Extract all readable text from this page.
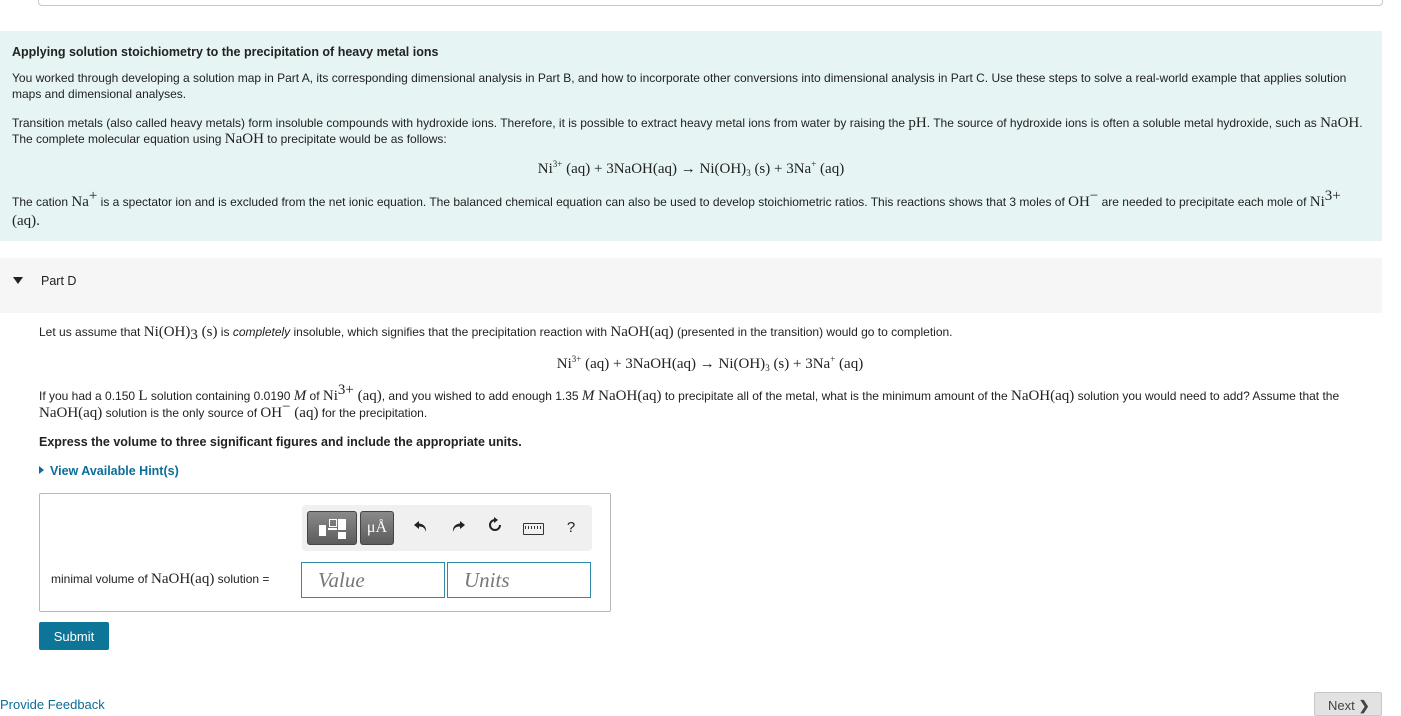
Applying solution stoichiometry to the precipitation of heavy metal ions
You worked through developing a solution map in Part A, its corresponding dimensional analysis in Part B, and how to incorporate other conversions into dimensional analysis in Part C. Use these steps to solve a real-world example that applies solution maps and dimensional analyses.
Transition metals (also called heavy metals) form insoluble compounds with hydroxide ions. Therefore, it is possible to extract heavy metal ions from water by raising the pH. The source of hydroxide ions is often a soluble metal hydroxide, such as NaOH. The complete molecular equation using NaOH to precipitate would be as follows:
$Ni^{3+}$ (aq) + 3NaOH(aq) → $Ni(OH)_3$ (s) + 3Na+ (aq)
The cation Na+ is a spectator ion and is excluded from the net ionic equation. The balanced chemical equation can also be used to develop stoichiometric ratios. This reactions shows that 3 moles of OH− are needed to precipitate each mole of $Ni^{3+}$ (aq).
Part D
Let us assume that $Ni(OH)_3$ (s) is completely insoluble, which signifies that the precipitation reaction with NaOH(aq) (presented in the transition) would go to completion.
$Ni^{3+}$ (aq) + 3NaOH(aq) → $Ni(OH)_3$ (s) + 3Na+ (aq)
If you had a 0.150 L solution containing 0.0190 M of $Ni^{3+}$ (aq), and you wished to add enough 1.35 M NaOH(aq) to precipitate all of the metal, what is the minimum amount of the NaOH(aq) solution you would need to add? Assume that the NaOH(aq) solution is the only source of OH− (aq) for the precipitation.
Express the volume to three significant figures and include the appropriate units.
View Available Hint(s)
μÅ	?
minimal volume of NaOH(aq) solution =	Value	Units
Submit
Provide Feedback	Next ❯
